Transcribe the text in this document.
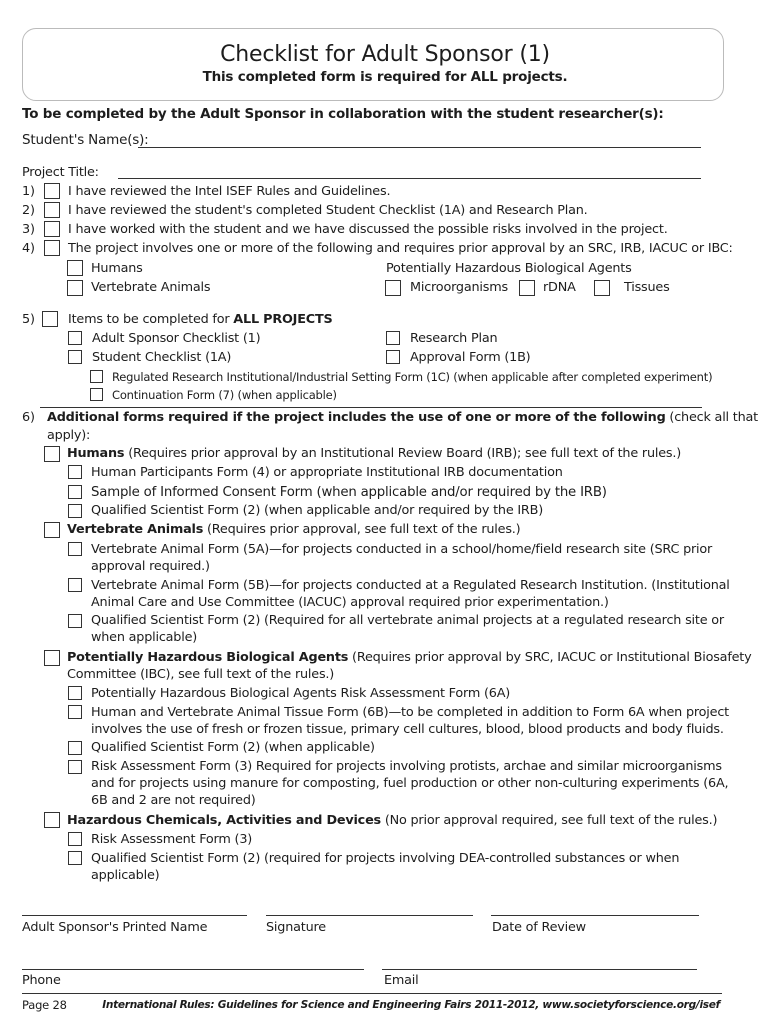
Checklist for Adult Sponsor (1)
This completed form is required for ALL projects.
To be completed by the Adult Sponsor in collaboration with the student researcher(s):
Student's Name(s):
Project Title:
1)	I have reviewed the Intel ISEF Rules and Guidelines.
2)	I have reviewed the student's completed Student Checklist (1A) and Research Plan.
3)	I have worked with the student and we have discussed the possible risks involved in the project.
4)	The project involves one or more of the following and requires prior approval by an SRC, IRB, IACUC or IBC:
Humans	Potentially Hazardous Biological Agents
Vertebrate Animals	Microorganisms	rDNA	Tissues
5)	Items to be completed for ALL PROJECTS
Adult Sponsor Checklist (1)	Research Plan
Student Checklist (1A)	Approval Form (1B)
Regulated Research Institutional/Industrial Setting Form (1C) (when applicable after completed experiment)
Continuation Form (7) (when applicable)
6) Additional forms required if the project includes the use of one or more of the following (check all that
apply):
Humans (Requires prior approval by an Institutional Review Board (IRB); see full text of the rules.)
Human Participants Form (4) or appropriate Institutional IRB documentation
Sample of Informed Consent Form (when applicable and/or required by the IRB)
Qualified Scientist Form (2) (when applicable and/or required by the IRB)
Vertebrate Animals (Requires prior approval, see full text of the rules.)
Vertebrate Animal Form (5A)—for projects conducted in a school/home/field research site (SRC prior
approval required.)
Vertebrate Animal Form (5B)—for projects conducted at a Regulated Research Institution. (Institutional
Animal Care and Use Committee (IACUC) approval required prior experimentation.)
Qualified Scientist Form (2) (Required for all vertebrate animal projects at a regulated research site or
when applicable)
Potentially Hazardous Biological Agents (Requires prior approval by SRC, IACUC or Institutional Biosafety
Committee (IBC), see full text of the rules.)
Potentially Hazardous Biological Agents Risk Assessment Form (6A)
Human and Vertebrate Animal Tissue Form (6B)—to be completed in addition to Form 6A when project
involves the use of fresh or frozen tissue, primary cell cultures, blood, blood products and body fluids.
Qualified Scientist Form (2) (when applicable)
Risk Assessment Form (3) Required for projects involving protists, archae and similar microorganisms
and for projects using manure for composting, fuel production or other non-culturing experiments (6A,
6B and 2 are not required)
Hazardous Chemicals, Activities and Devices (No prior approval required, see full text of the rules.)
Risk Assessment Form (3)
Qualified Scientist Form (2) (required for projects involving DEA-controlled substances or when
applicable)
Adult Sponsor's Printed Name	Signature	Date of Review
Phone	Email
Page 28	International Rules: Guidelines for Science and Engineering Fairs 2011-2012, www.societyforscience.org/isef
